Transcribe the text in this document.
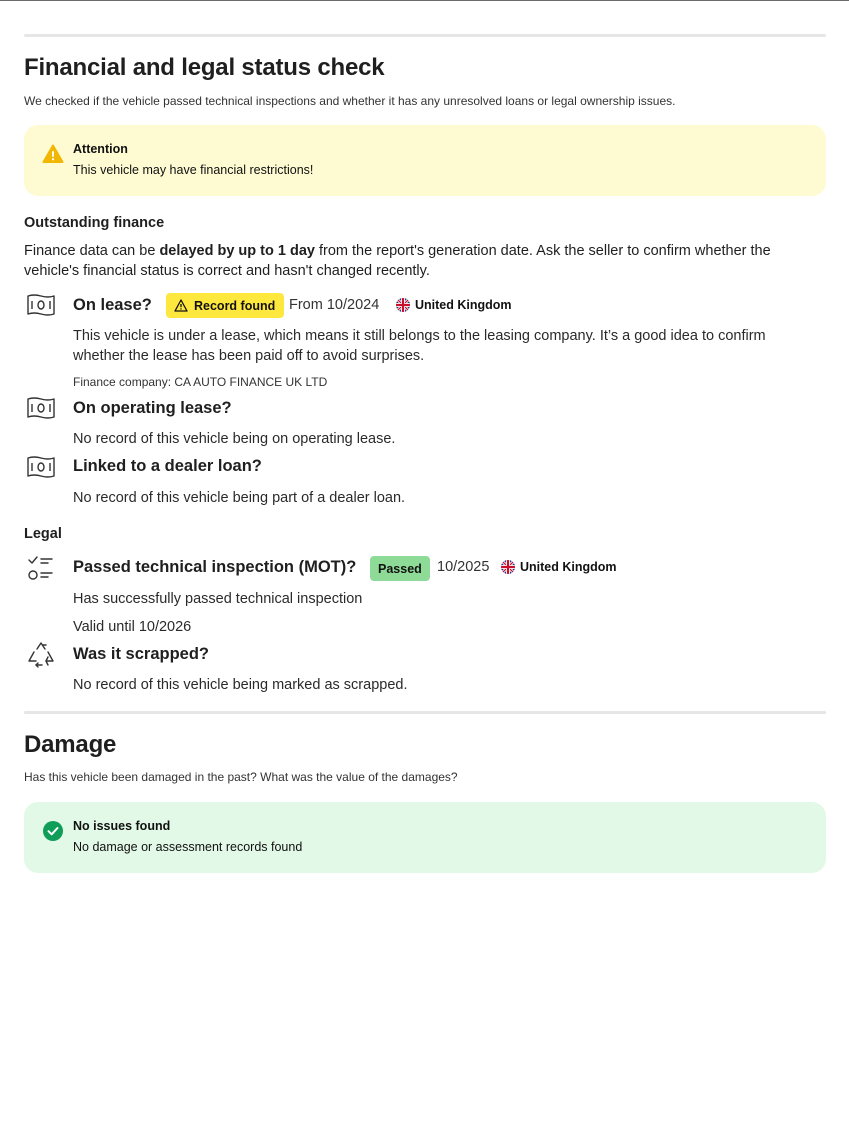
Financial and legal status check
We checked if the vehicle passed technical inspections and whether it has any unresolved loans or legal ownership issues.
Attention
This vehicle may have financial restrictions!
Outstanding finance
Finance data can be delayed by up to 1 day from the report's generation date. Ask the seller to confirm whether the vehicle's financial status is correct and hasn't changed recently.
On lease?	Record found From 10/2024	United Kingdom
This vehicle is under a lease, which means it still belongs to the leasing company. It’s a good idea to confirm whether the lease has been paid off to avoid surprises.
Finance company: CA AUTO FINANCE UK LTD
On operating lease?
No record of this vehicle being on operating lease.
Linked to a dealer loan?
No record of this vehicle being part of a dealer loan.
Legal
Passed technical inspection (MOT)? Passed 10/2025 United Kingdom
Has successfully passed technical inspection
Valid until 10/2026
Was it scrapped?
No record of this vehicle being marked as scrapped.
Damage
Has this vehicle been damaged in the past? What was the value of the damages?
No issues found
No damage or assessment records found
